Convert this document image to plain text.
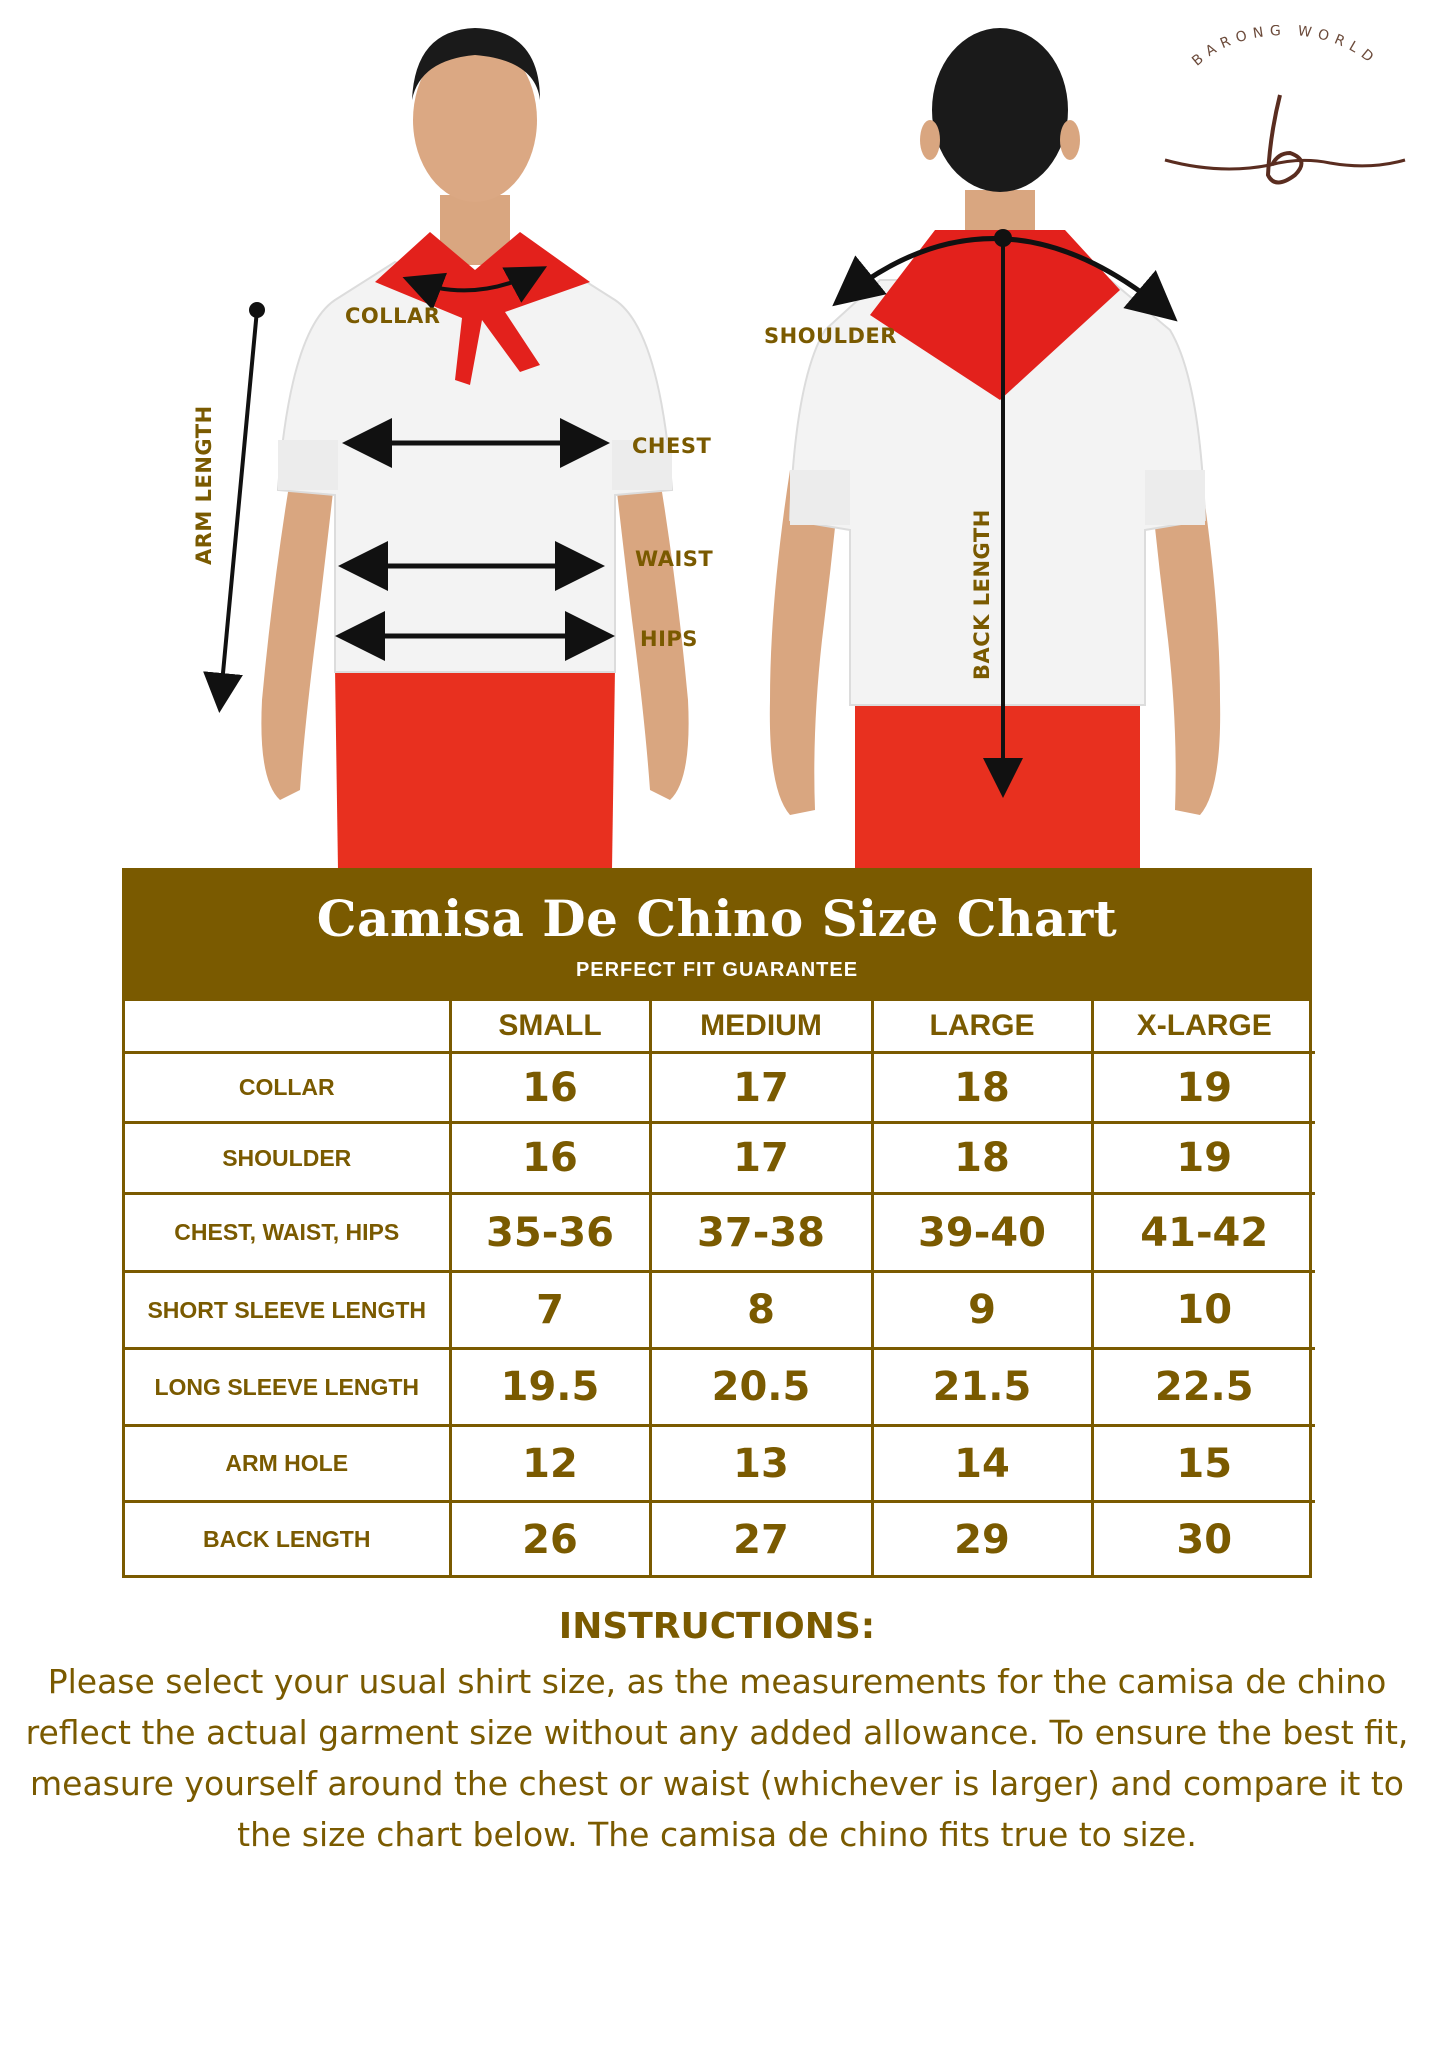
COLLAR
ARM LENGTH	CHEST
WAIST
HIPS
SHOULDER
BACK LENGTH
BARONG WORLD
Camisa De Chino Size Chart
PERFECT FIT GUARANTEE
	SMALL	MEDIUM	LARGE	X-LARGE
COLLAR	16	17	18	19
SHOULDER	16	17	18	19
CHEST, WAIST, HIPS	35-36	37-38	39-40	41-42
SHORT SLEEVE LENGTH	7	8	9	10
LONG SLEEVE LENGTH	19.5	20.5	21.5	22.5
ARM HOLE	12	13	14	15
BACK LENGTH	26	27	29	30
INSTRUCTIONS:
Please select your usual shirt size, as the measurements for the camisa de chino reflect the actual garment size without any added allowance. To ensure the best fit, measure yourself around the chest or waist (whichever is larger) and compare it to the size chart below. The camisa de chino fits true to size.
